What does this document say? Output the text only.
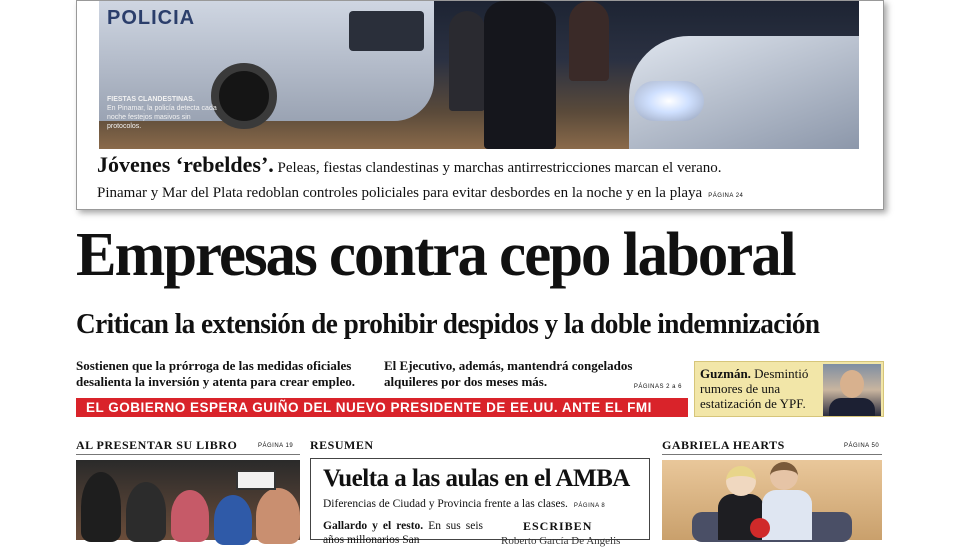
POLICIA
FIESTAS CLANDESTINAS.
En Pinamar, la policía detecta cada noche festejos masivos sin protocolos.
Jóvenes ‘rebeldes’. Peleas, fiestas clandestinas y marchas antirrestricciones marcan el verano.
Pinamar y Mar del Plata redoblan controles policiales para evitar desbordes en la noche y en la playa PÁGINA 24
Empresas contra cepo laboral
Critican la extensión de prohibir despidos y la doble indemnización
Sostienen que la prórroga de las medidas oficiales desalienta la inversión y atenta para crear empleo.
El Ejecutivo, además, mantendrá congelados alquileres por dos meses más.	PÁGINAS 2 a 6
EL GOBIERNO ESPERA GUIÑO DEL NUEVO PRESIDENTE DE EE.UU. ANTE EL FMI
Guzmán. Desmintió rumores de una estatización de YPF.
AL PRESENTAR SU LIBRO	PÁGINA 19 RESUMEN
Vuelta a las aulas en el AMBA
Diferencias de Ciudad y Provincia frente a las clases. PÁGINA 8
Gallardo y el resto. En sus seis años millonarios San
ESCRIBEN
Roberto García De Angelis
GABRIELA HEARTS	PÁGINA 50
